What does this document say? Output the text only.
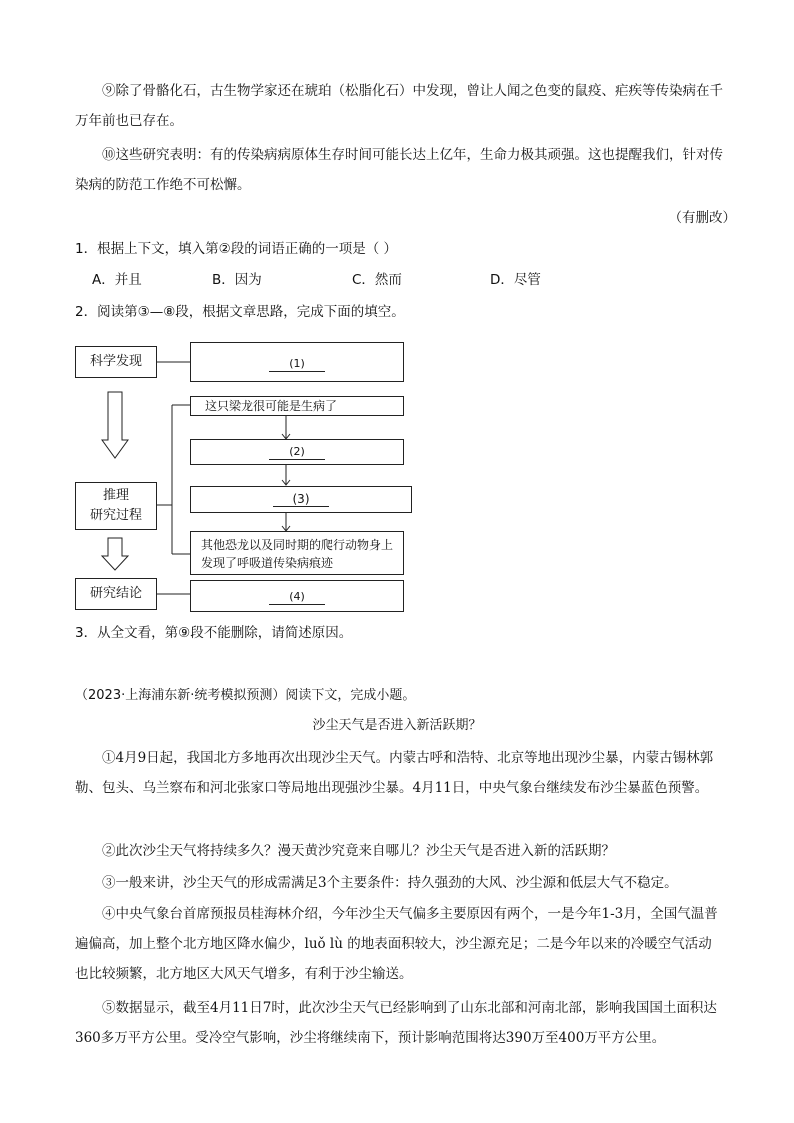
⑨除了骨骼化石，古生物学家还在琥珀（松脂化石）中发现，曾让人闻之色变的鼠疫、疟疾等传染病在千万年前也已存在。
⑩这些研究表明：有的传染病病原体生存时间可能长达上亿年，生命力极其顽强。这也提醒我们，针对传染病的防范工作绝不可松懈。
（有删改）
1．根据上下文，填入第②段的词语正确的一项是（ ）
A．并且	B．因为	C．然而	D．尽管
2．阅读第③—⑧段，根据文章思路，完成下面的填空。
科学发现	(1)
这只梁龙很可能是生病了
(2)
(3)
其他恐龙以及同时期的爬行动物身上发现了呼吸道传染病痕迹
推理
研究过程
研究结论	(4)
3．从全文看，第⑨段不能删除，请简述原因。
（2023·上海浦东新·统考模拟预测）阅读下文，完成小题。
沙尘天气是否进入新活跃期？
①4月9日起，我国北方多地再次出现沙尘天气。内蒙古呼和浩特、北京等地出现沙尘暴，内蒙古锡林郭勒、包头、乌兰察布和河北张家口等局地出现强沙尘暴。4月11日，中央气象台继续发布沙尘暴蓝色预警。
②此次沙尘天气将持续多久？漫天黄沙究竟来自哪儿？沙尘天气是否进入新的活跃期？
③一般来讲，沙尘天气的形成需满足3个主要条件：持久强劲的大风、沙尘源和低层大气不稳定。
④中央气象台首席预报员桂海林介绍，今年沙尘天气偏多主要原因有两个，一是今年1-3月，全国气温普遍偏高，加上整个北方地区降水偏少，luǒ lù 的地表面积较大，沙尘源充足；二是今年以来的冷暖空气活动也比较频繁，北方地区大风天气增多，有利于沙尘输送。
⑤数据显示，截至4月11日7时，此次沙尘天气已经影响到了山东北部和河南北部，影响我国国土面积达360多万平方公里。受冷空气影响，沙尘将继续南下，预计影响范围将达390万至400万平方公里。
